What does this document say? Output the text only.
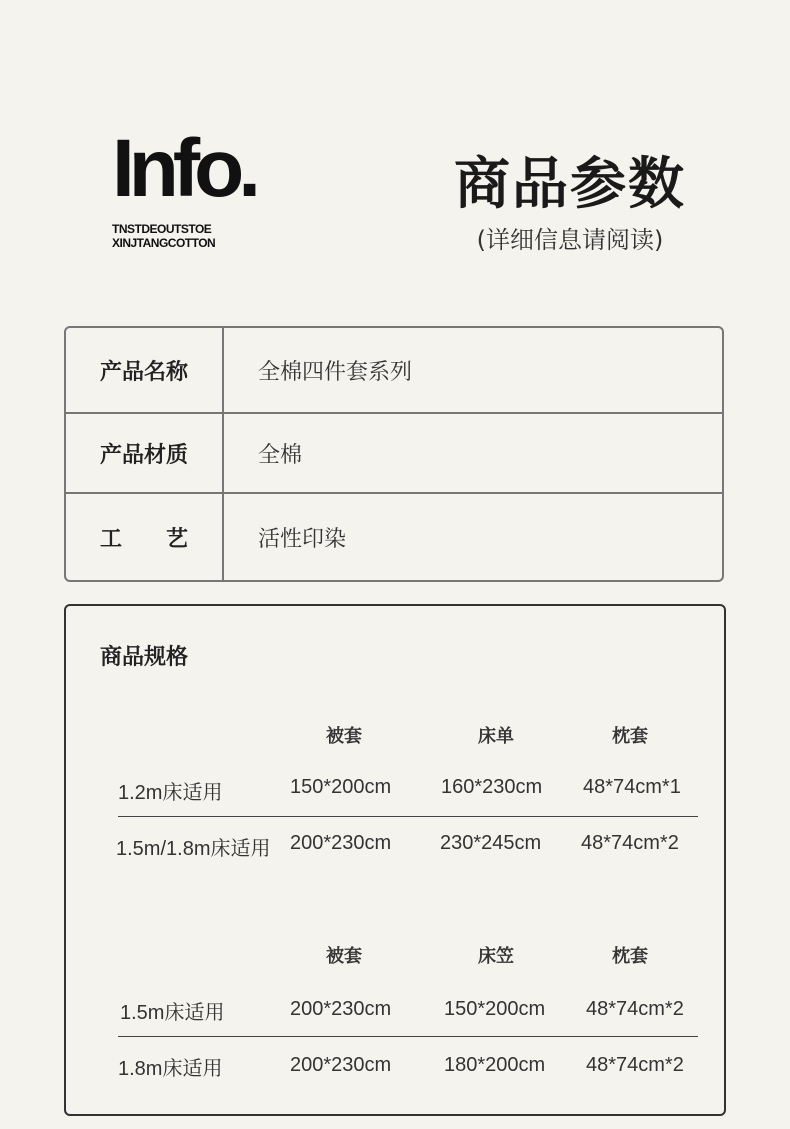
Info.
TNSTDEOUTSTOE
XINJTANGCOTTON
商品参数
(详细信息请阅读)
产品名称	全棉四件套系列
产品材质	全棉
工　　艺	活性印染
商品规格
被套	床单	枕套
1.2m床适用	150*200cm 160*230cm 48*74cm*1
1.5m/1.8m床适用 200*230cm 230*245cm 48*74cm*2
被套	床笠	枕套
1.5m床适用	200*230cm	150*200cm 48*74cm*2
1.8m床适用	200*230cm	180*200cm 48*74cm*2
